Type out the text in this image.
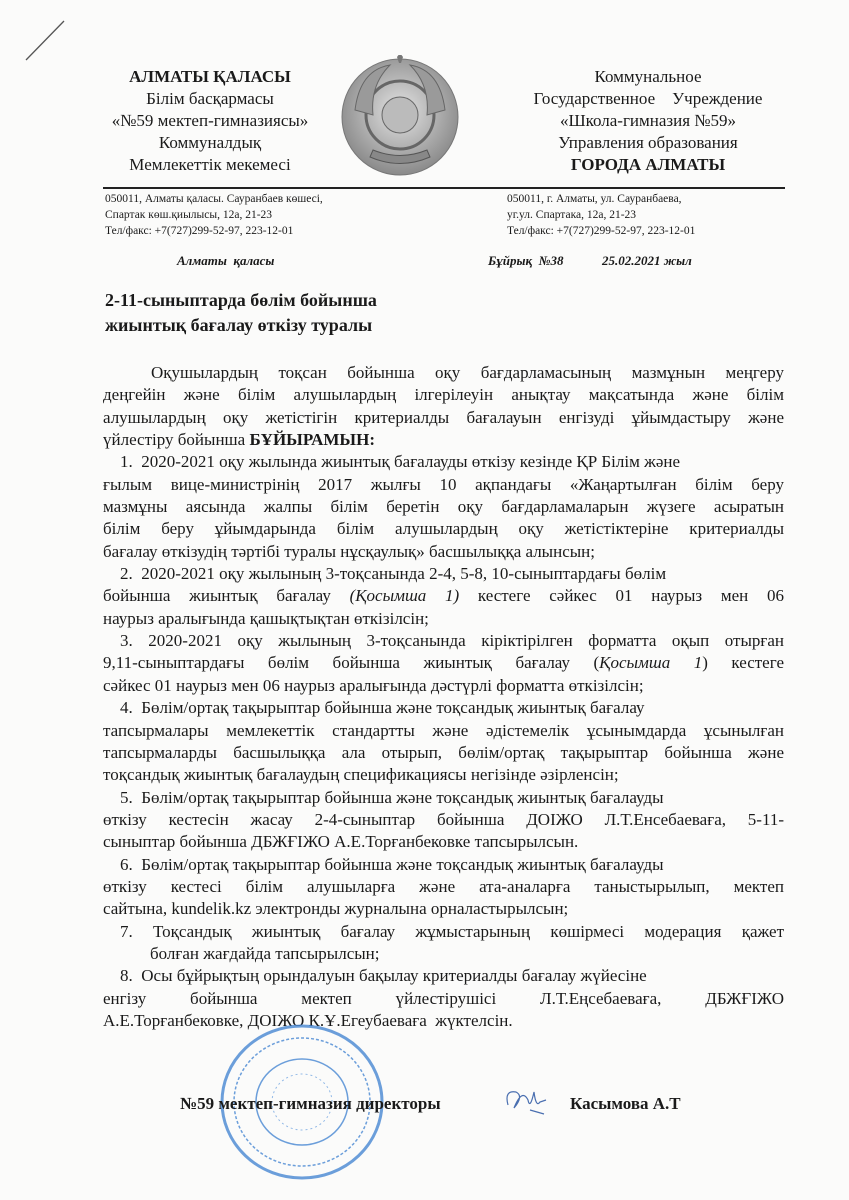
АЛМАТЫ ҚАЛАСЫ
Білім басқармасы
«№59 мектеп-гимназиясы»
Коммуналдық
Мемлекеттік мекемесі
Коммунальное
Государственное    Учреждение
«Школа-гимназия №59»
Управления образования
ГОРОДА АЛМАТЫ
050011, Алматы қаласы. Сауранбаев көшесі,
Спартак көш.қиылысы, 12а, 21-23
Тел/факс: +7(727)299-52-97, 223-12-01
050011, г. Алматы, ул. Сауранбаева,
уг.ул. Спартака, 12а, 21-23
Тел/факс: +7(727)299-52-97, 223-12-01
Алматы  қаласы	Бұйрық  №38	25.02.2021 жыл
2-11-сыныптарда бөлім бойынша
жиынтық бағалау өткізу туралы
Оқушылардың тоқсан бойынша оқу бағдарламасының мазмұнын меңгеру
деңгейін және білім алушылардың ілгерілеуін анықтау мақсатында және білім
алушылардың оқу жетістігін критериалды бағалауын енгізуді ұйымдастыру және
үйлестіру бойынша БҰЙЫРАМЫН:
1.  2020-2021 оқу жылында жиынтық бағалауды өткізу кезінде ҚР Білім және
ғылым вице-министрінің 2017 жылғы 10 ақпандағы «Жаңартылған білім беру
мазмұны аясында жалпы білім беретін оқу бағдарламаларын жүзеге асыратын
білім беру ұйымдарында білім алушылардың оқу жетістіктеріне критериалды
бағалау өткізудің тәртібі туралы нұсқаулық» басшылыққа алынсын;
2.  2020-2021 оқу жылының 3-тоқсанында 2-4, 5-8, 10-сыныптардағы бөлім
бойынша жиынтық бағалау (Қосымша 1) кестеге сәйкес 01 наурыз мен 06
наурыз аралығында қашықтықтан өткізілсін;
3. 2020-2021 оқу жылының 3-тоқсанында кіріктірілген форматта оқып отырған
9,11-сыныптардағы бөлім бойынша жиынтық бағалау (Қосымша 1) кестеге
сәйкес 01 наурыз мен 06 наурыз аралығында дәстүрлі форматта өткізілсін;
4.  Бөлім/ортақ тақырыптар бойынша және тоқсандық жиынтық бағалау
тапсырмалары мемлекеттік стандартты және әдістемелік ұсынымдарда ұсынылған
тапсырмаларды басшылыққа ала отырып, бөлім/ортақ тақырыптар бойынша және
тоқсандық жиынтық бағалаудың спецификациясы негізінде әзірленсін;
5.  Бөлім/ортақ тақырыптар бойынша және тоқсандық жиынтық бағалауды
өткізу кестесін жасау 2-4-сыныптар бойынша ДОІЖО Л.Т.Енсебаеваға, 5-11-
сыныптар бойынша ДБЖҒІЖО А.Е.Торғанбековке тапсырылсын.
6.  Бөлім/ортақ тақырыптар бойынша және тоқсандық жиынтық бағалауды
өткізу кестесі білім алушыларға және ата-аналарға таныстырылып, мектеп
сайтына, kundelik.kz электронды журналына орналастырылсын;
7. Тоқсандық жиынтық бағалау жұмыстарының көшірмесі модерация қажет
болған жағдайда тапсырылсын;
8.  Осы бұйрықтың орындалуын бақылау критериалды бағалау жүйесіне
енгізу бойынша мектеп үйлестірушісі Л.Т.Еңсебаеваға, ДБЖҒІЖО
А.Е.Торғанбековке, ДОІЖО К.Ұ.Егеубаеваға  жүктелсін.
№59 мектеп-гимназия директоры	Касымова А.Т
